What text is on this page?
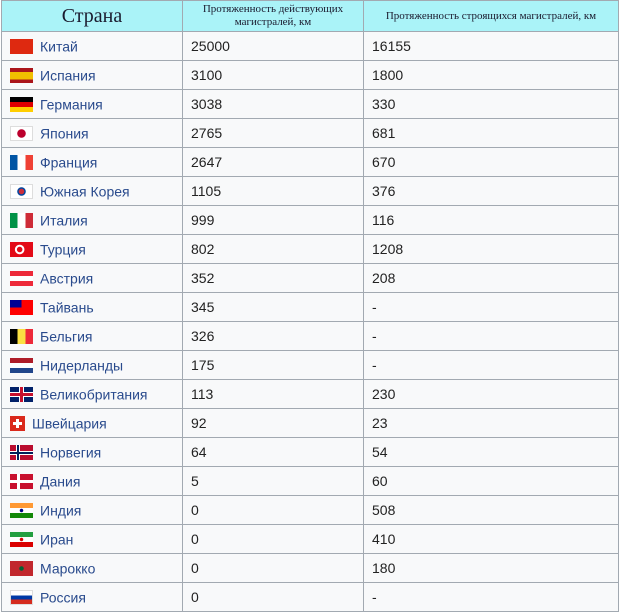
Страна	Протяженность действующих магистралей, км	Протяженность строящихся магистралей, км
Китай	25000	16155
Испания	3100	1800
Германия	3038	330
Япония	2765	681
Франция	2647	670
Южная Корея	1105	376
Италия	999	116
Турция	802	1208
Австрия	352	208
Тайвань	345	-
Бельгия	326	-
Нидерланды	175	-
Великобритания	113	230
Швейцария	92	23
Норвегия	64	54
Дания	5	60
Индия	0	508
Иран	0	410
Марокко	0	180
Россия	0	-
